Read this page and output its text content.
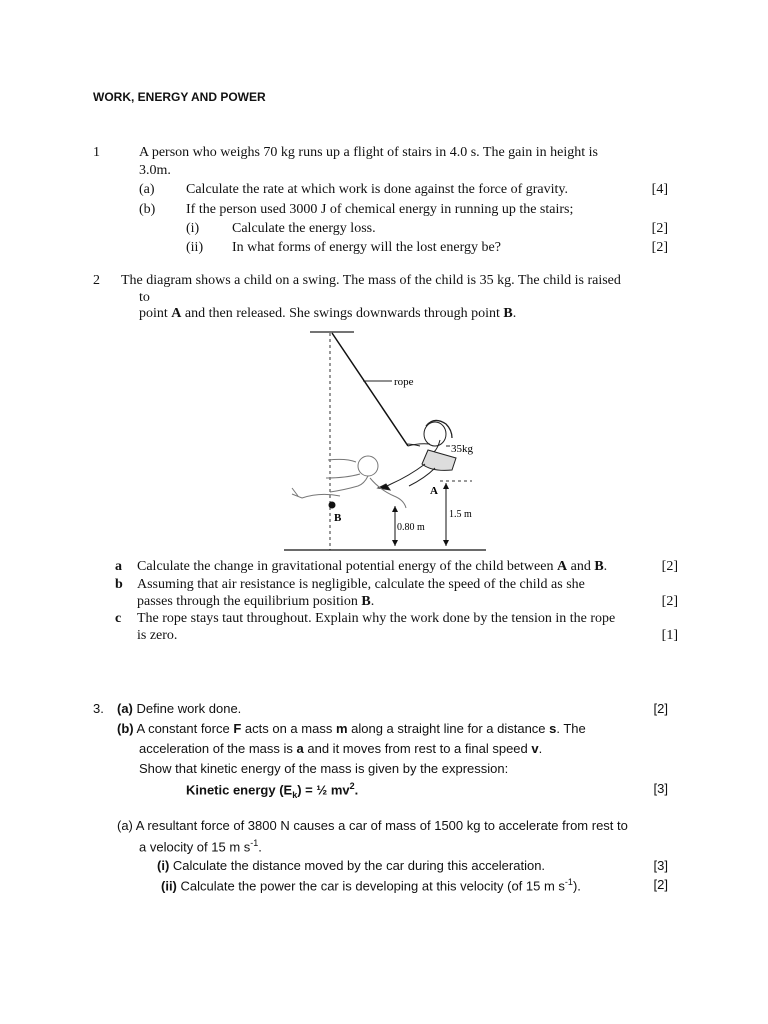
WORK, ENERGY AND POWER
1	A person who weighs 70 kg runs up a flight of stairs in 4.0 s. The gain in height is
3.0m.
(a) Calculate the rate at which work is done against the force of gravity.	[4]
(b) If the person used 3000 J of chemical energy in running up the stairs;
(i) Calculate the energy loss.	[2]
(ii) In what forms of energy will the lost energy be?	[2]
2 The diagram shows a child on a swing. The mass of the child is 35 kg. The child is raised
to
point A and then released. She swings downwards through point B.
rope
35kg
B
A
1.5 m
0.80 m
a Calculate the change in gravitational potential energy of the child between A and B.	[2]
b Assuming that air resistance is negligible, calculate the speed of the child as she
passes through the equilibrium position B.	[2]
c The rope stays taut throughout. Explain why the work done by the tension in the rope
is zero.	[1]
3. (a) Define work done.	[2]
(b) A constant force F acts on a mass m along a straight line for a distance s. The
acceleration of the mass is a and it moves from rest to a final speed v.
Show that kinetic energy of the mass is given by the expression:
Kinetic energy $(E_k)$ = ½ $mv^2$.	[3]
(a) A resultant force of 3800 N causes a car of mass of 1500 kg to accelerate from rest to
a velocity of 15 m $s^{-1}$.
(i) Calculate the distance moved by the car during this acceleration.	[3]
(ii) Calculate the power the car is developing at this velocity (of 15 m $s^{-1}$).	[2]
